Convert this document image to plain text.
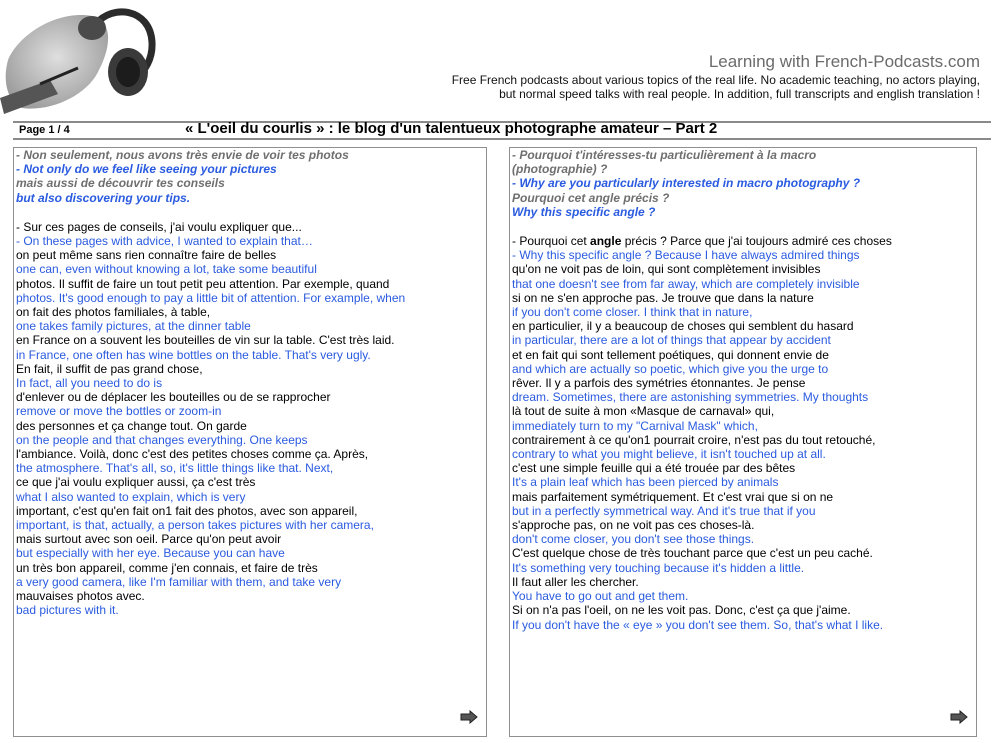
Learning with French-Podcasts.com
Free French podcasts about various topics of the real life. No academic teaching, no actors playing,
but normal speed talks with real people. In addition, full transcripts and english translation !
Page 1 / 4	« L'oeil du courlis » : le blog d'un talentueux photographe amateur – Part 2
- Non seulement, nous avons très envie de voir tes photos
- Not only do we feel like seeing your pictures
mais aussi de découvrir tes conseils
but also discovering your tips.
- Sur ces pages de conseils, j'ai voulu expliquer que...
- On these pages with advice, I wanted to explain that…
on peut même sans rien connaître faire de belles
one can, even without knowing a lot, take some beautiful
photos. Il suffit de faire un tout petit peu attention. Par exemple, quand
photos. It's good enough to pay a little bit of attention. For example, when
on fait des photos familiales, à table,
one takes family pictures, at the dinner table
en France on a souvent les bouteilles de vin sur la table. C'est très laid.
in France, one often has wine bottles on the table. That's very ugly.
En fait, il suffit de pas grand chose,
In fact, all you need to do is
d'enlever ou de déplacer les bouteilles ou de se rapprocher
remove or move the bottles or zoom-in
des personnes et ça change tout. On garde
on the people and that changes everything. One keeps
l'ambiance. Voilà, donc c'est des petites choses comme ça. Après,
the atmosphere. That's all, so, it's little things like that. Next,
ce que j'ai voulu expliquer aussi, ça c'est très
what I also wanted to explain, which is very
important, c'est qu'en fait on1 fait des photos, avec son appareil,
important, is that, actually, a person takes pictures with her camera,
mais surtout avec son oeil. Parce qu'on peut avoir
but especially with her eye. Because you can have
un très bon appareil, comme j'en connais, et faire de très
a very good camera, like I'm familiar with them, and take very
mauvaises photos avec.
bad pictures with it.
- Pourquoi t'intéresses-tu particulièrement à la macro
(photographie) ?
- Why are you particularly interested in macro photography ?
Pourquoi cet angle précis ?
Why this specific angle ?
- Pourquoi cet angle précis ? Parce que j'ai toujours admiré ces choses
- Why this specific angle ? Because I have always admired things
qu'on ne voit pas de loin, qui sont complètement invisibles
that one doesn't see from far away, which are completely invisible
si on ne s'en approche pas. Je trouve que dans la nature
if you don't come closer. I think that in nature,
en particulier, il y a beaucoup de choses qui semblent du hasard
in particular, there are a lot of things that appear by accident
et en fait qui sont tellement poétiques, qui donnent envie de
and which are actually so poetic, which give you the urge to
rêver. Il y a parfois des symétries étonnantes. Je pense
dream. Sometimes, there are astonishing symmetries. My thoughts
là tout de suite à mon «Masque de carnaval» qui,
immediately turn to my "Carnival Mask" which,
contrairement à ce qu'on1 pourrait croire, n'est pas du tout retouché,
contrary to what you might believe, it isn't touched up at all.
c'est une simple feuille qui a été trouée par des bêtes
It's a plain leaf which has been pierced by animals
mais parfaitement symétriquement. Et c'est vrai que si on ne
but in a perfectly symmetrical way. And it's true that if you
s'approche pas, on ne voit pas ces choses-là.
don't come closer, you don't see those things.
C'est quelque chose de très touchant parce que c'est un peu caché.
It's something very touching because it's hidden a little.
Il faut aller les chercher.
You have to go out and get them.
Si on n'a pas l'oeil, on ne les voit pas. Donc, c'est ça que j'aime.
If you don't have the « eye » you don't see them. So, that's what I like.
